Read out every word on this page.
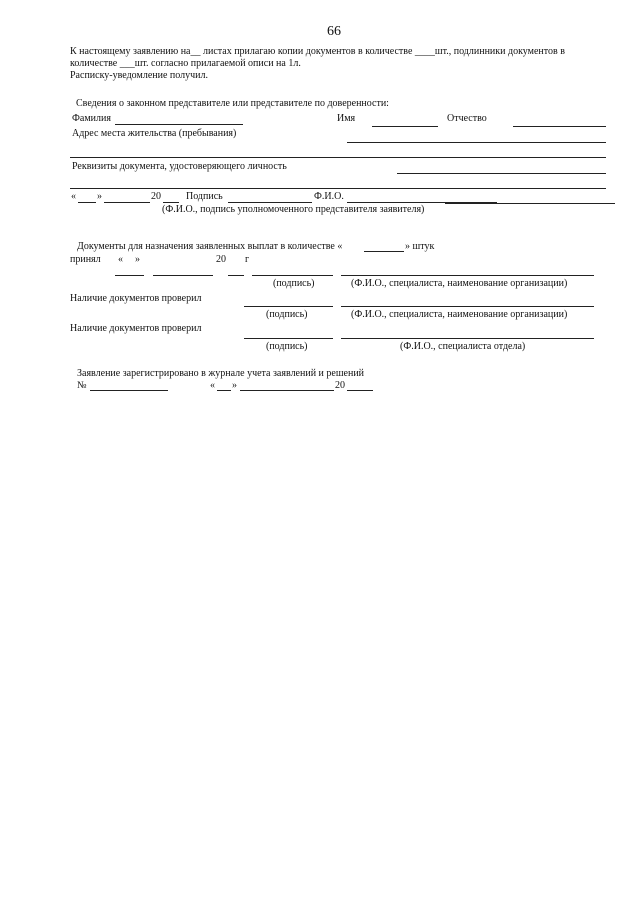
66
К настоящему заявлению на__ листах прилагаю копии документов в количестве ____шт., подлинники документов в
количестве ___шт. согласно прилагаемой описи на 1л.
Расписку-уведомление получил.
Сведения о законном представителе или представителе по доверенности:
Фамилия	Имя	Отчество
Адрес места жительства (пребывания)
Реквизиты документа, удостоверяющего личность
« »	20	Подпись	Ф.И.О.
(Ф.И.О., подпись уполномоченного представителя заявителя)
Документы для назначения заявленных выплат в количестве «	» штук
принял « »	20 г
(подпись)	(Ф.И.О., специалиста, наименование организации)
Наличие документов проверил
(подпись)	(Ф.И.О., специалиста, наименование организации)
Наличие документов проверил
(подпись)	(Ф.И.О., специалиста отдела)
Заявление зарегистрировано в журнале учета заявлений и решений
№	« »	20
